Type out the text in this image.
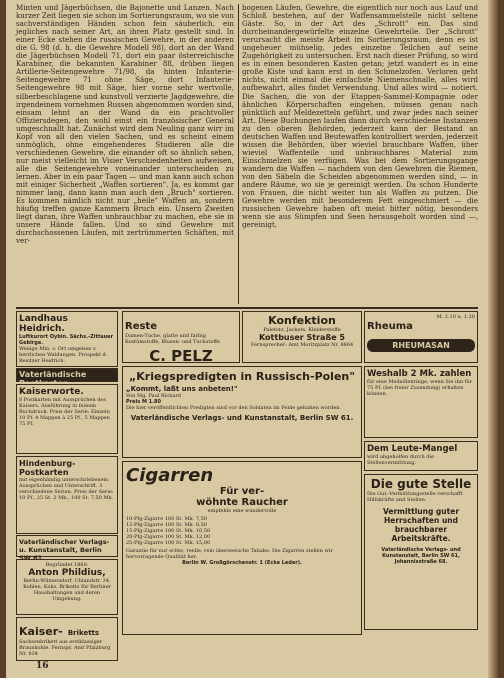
Minten und Jägerbüchsen, die Bajonette und Lanzen. Nach kurzer Zeit liegen sie schon im Sortierungsraum, wo sie von sachverständigen Händen schon fein säuberlich, ein jegliches nach seiner Art, an ihren Platz gestellt sind. In einer Ecke stehen die russischen Gewehre, in der anderen die G. 98 (d. h. die Gewehre Modell 98), dort an der Wand die Jägerbüchsen Modell 71, dort ein paar österreichische Karabiner, die bekannten Karabiner 88, drüben liegen Artillerie-Seitengewehre 71/98, da hinten Infanterie-Seitengewehre 71 ohne Säge, dort Infanterie-Seitengewehre 98 mit Säge, hier vorne sehr wertvolle, silberbeschlagene und kunstvoll verzierte Jagdgewehre, die irgendeinem vornehmen Russen abgenommen worden sind, einsam lehnt an der Wand da ein prachtvoller Offiziersdegen, den wohl einst ein französischer General umgeschnallt hat. Zunächst wird dem Neuling ganz wirr im Kopf von all den vielen Sachen, und es scheint einem unmöglich, ohne eingehenderes Studieren alle die verschiedenen Gewehre, die einander oft so ähnlich sehen, nur meist vielleicht im Visier Verschiedenheiten aufweisen, alle die Seitengewehre voneinander unterscheiden zu lernen. Aber in ein paar Tagen — und man kann auch schon mit einiger Sicherheit „Waffen sortieren". Ja, es kommt gar nimmer lang, dann kann man auch den „Bruch" sortieren. Es kommen nämlich nicht nur „heile" Waffen an, sondern häufig treffen ganze Kammern Bruch ein. Unsern Zweiten liegt daran, ihre Waffen unbrauchbar zu machen, ehe sie in unsere Hände fallen. Und so sind Gewehre mit durchschossenen Läufen, mit zertrümmerten Schäften, mit ver-

bogenen Läufen, Gewehre, die eigentlich nur noch aus Lauf und Schloß bestehen, auf der Waffensammelstelle nicht seltene Gäste. So, in der Art des „Schrott" ein. Das sind durcheinandergewürfelte einzelne Gewehrteile. Der „Schrott" verursacht die meiste Arbeit im Sortierungsraum, denn es ist ungeheuer mühselig, jedes einzelne Teilchen auf seine Zugehörigkeit zu untersuchen. Erst nach dieser Prüfung, so wird es in einen besonderen Kasten getan; jetzt wandert es in eine große Kiste und kann erst in den Schmelzofen. Verloren geht nichts, nicht einmal die einfachste Niemenschnalle, alles wird aufbewahrt, alles findet Verwendung. Und alles wird — notiert. Die Sachen, die von der Etappen-Sammel-Kompagnie oder ähnlichen Körperschaften eingehen, müssen genau nach pünktlich auf Meldezetteln geführt, und zwar jedes nach seiner Art. Diese Buchungen laufen dann durch verschiedene Instanzen zu den oberen Behörden, jederzeit kann der Bestand an deutschen Waffen und Beutewaffen kontrolliert werden, jederzeit wissen die Behörden, über wieviel brauchbare Waffen, über wieviel Waffenteile und unbrauchbares Material zum Einschmelzen sie verfügen. Was bei dem Sortierungsgange wandern die Waffen — nachdem von den Gewehren die Riemen, von den Säbeln die Scheiden abgenommen werden sind, — in andere Räume, wo sie je gereinigt werden. Da schon Hunderte von Frauen, die nicht weiter tun als Waffen zu putzen. Die Gewehre werden mit besonderem Fett eingeschmiert — die russischen Gewehre haben oft meist bitter nötig, besonders wenn sie aus Sümpfen und Seen herausgeholt worden sind —, gereinigt,

Landhaus Heidrich.
Luftkurort Oybin. Sächs.-Zittauer Gebirge.
Wenige Min. v. Ort umgeben v. herrlichen Waldungen. Prospekt d. Besitzer Heidrich.
Vaterländische Postkarten
Kaiserworte.
8 Postkarten mit Aussprüchen des Kaisers. Ausführung in feinem Buchdruck. Preis der Serie: Einzeln 10 Pf. 4 Mappen à 25 Pf., 5 Mappen 75 Pf.
Hindenburg-Postkarten
mit eigenhändig unterschriebenem Aussprüchen und Unterschrift. 3 verschiedene Serien. Preis der Serie: 10 Pf., 25 St. 2 Mk., 100 St. 7,50 Mk.
Vaterländischer Verlags- u. Kunstanstalt, Berlin SW 61.
Begründet 1860.
Anton Phildius,
Berlin-Wilmersdorf, Uhlandstr. 34.
Kohlen, Koks, Briketts für Berliner Haushaltungen und deren Umgebung.
Kaiser- Briketts
Sachsenbrikett aus erstklassiger Braunkohle. Fernspr. Amt Pfalzburg Nr. 834
Reste
Damen-Tuche, glatte und farbig Kostümstoffe, Blusen- und Tuchstoffe
C. PELZ
Konfektion
Paletots, Jackets, Kleiderstoffe
Kottbuser Straße 5
Fernsprecher: Amt Moritzplatz Nr. 8864
Rheuma
M. 2.10 u. 1.20
RHEUMASAN
„Kriegspredigten in Russisch-Polen"
„Kommt, laßt uns anbeten!"
Von Mg. Paul Richard
Preis M 1.80
Die hier veröffentlichten Predigten sind vor den Soldaten im Felde gehalten worden.
Vaterländische Verlags- und Kunstanstalt, Berlin SW 61.
Cigarren
Für ver-
wöhnte Raucher
empfehle eine wundervolle
10-Pfg-Zigarre 100 St. Mk. 7,50
12-Pfg-Zigarre 100 St. Mk. 8,50
15-Pfg-Zigarre 100 St. Mk. 10,50
20-Pfg-Zigarre 100 St. Mk. 12,00
25-Pfg-Zigarre 100 St. Mk. 15,00
Garantie für nur echte, reelle, rein überseeische Tabake. Die Zigarren stellen wir hervorragende Qualität her.
Berlin W. Großgörschenstr. 1 (Ecke Leder).
Weshalb 2 Mk. zahlen
für eine Medaillenringe, wenn Sie ihn für 75 Pf. (bei freier Zusendung) erhalten können.
Dem Leute-Mangel
wird abgeholfen durch die Stellenvermittlung.
Die gute Stelle
Die Gut.-Vermittlungsstelle verschafft Hilfskräfte und Stellen.
Vermittlung guter Herrschaften und brauchbarer Arbeitskräfte.
Vaterländische Verlags- und Kunstanstalt, Berlin SW 61, Johannisstraße 68.
16
